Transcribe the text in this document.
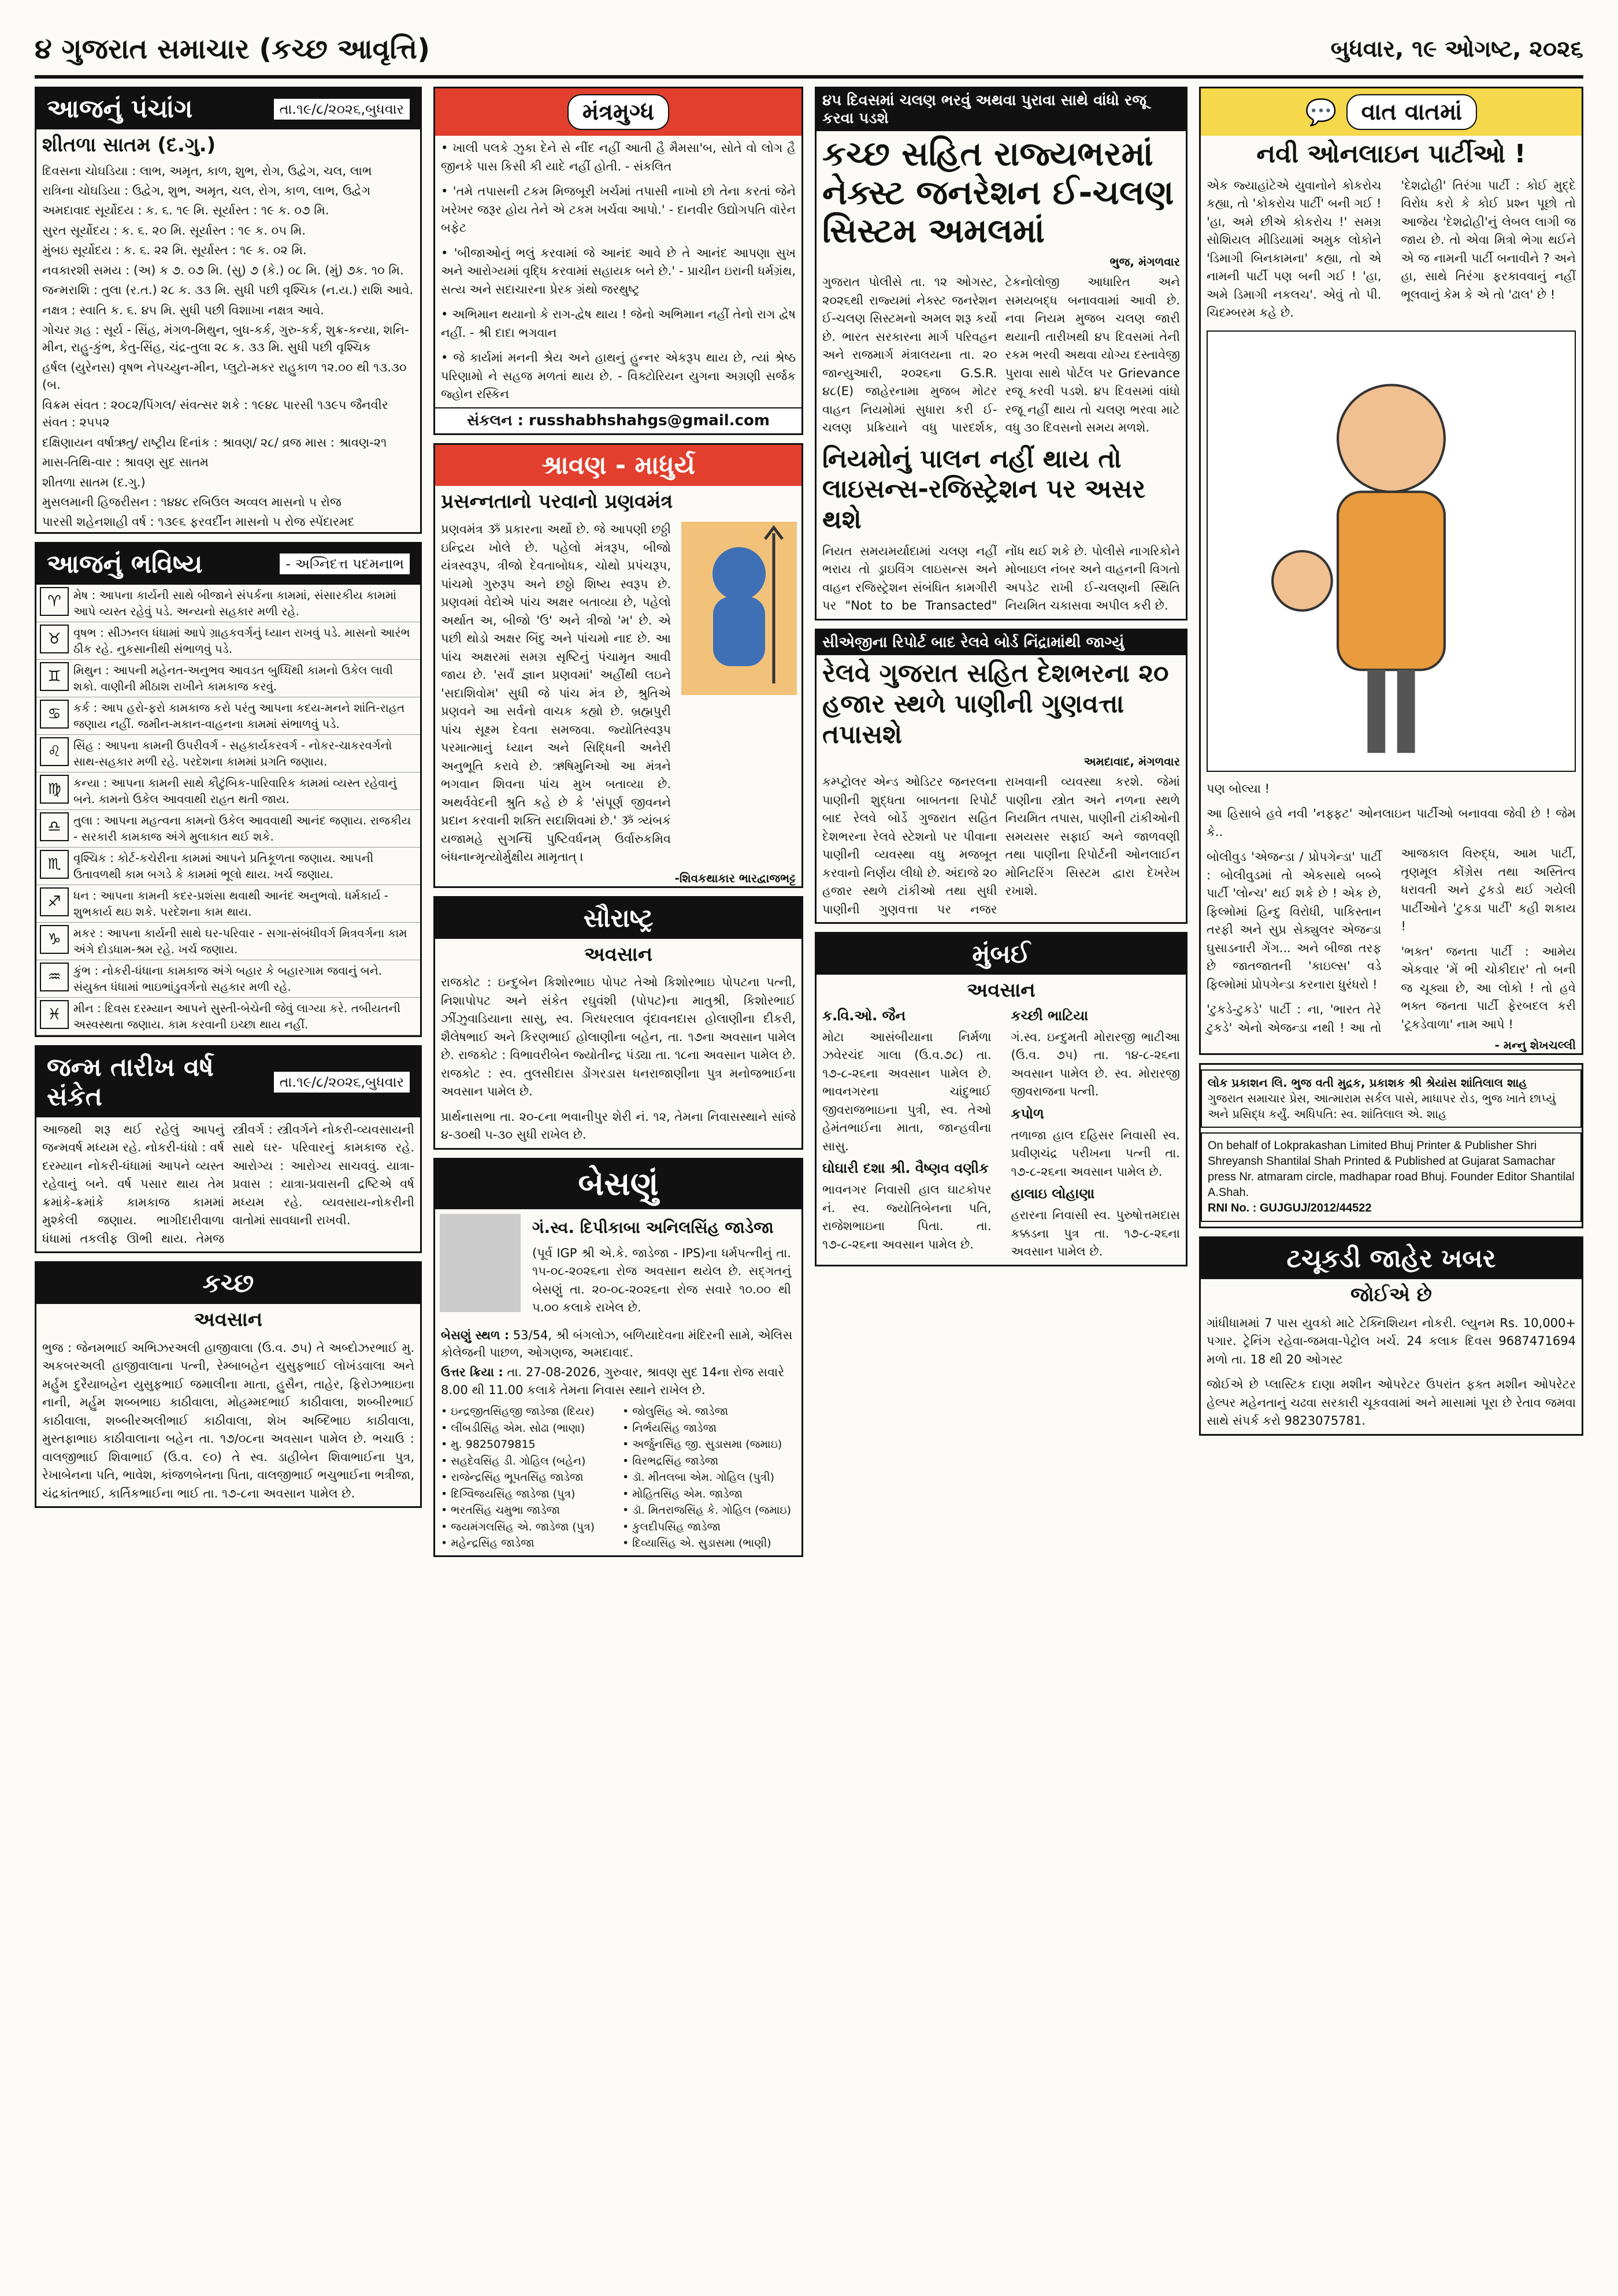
૪ ગુજરાત સમાચાર (કચ્છ આવૃત્તિ)	બુધવાર, ૧૯ ઓગષ્ટ, ૨૦૨૬
આજનું પંચાંગ	તા.૧૯/૮/૨૦૨૬,બુધવાર
શીતળા સાતમ (દ.ગુ.)
દિવસના ચોઘડિયા : લાભ, અમૃત, કાળ, શુભ, રોગ, ઉદ્વેગ, ચલ, લાભ
રાત્રિના ચોઘડિયા : ઉદ્વેગ, શુભ, અમૃત, ચલ, રોગ, કાળ, લાભ, ઉદ્વેગ
અમદાવાદ સૂર્યોદય : ક. ૬. ૧૯ મિ. સૂર્યાસ્ત : ૧૯ ક. ૦૭ મિ.
સુરત સૂર્યોદય : ક. ૬. ૨૦ મિ. સૂર્યાસ્ત : ૧૯ ક. ૦૫ મિ.
મુંબઇ સૂર્યોદય : ક. ૬. ૨૨ મિ. સૂર્યાસ્ત : ૧૯ ક. ૦૨ મિ.
નવકારશી સમય : (અ) ક ૭. ૦૭ મિ. (સુ) ૭ (કે.) ૦૮ મિ. (મું) ૭ક. ૧૦ મિ.
જન્મરાશિ : તુલા (ર.ત.) ૨૮ ક. ૩૩ મિ. સુધી પછી વૃશ્ચિક (ન.ય.) રાશિ આવે.
નક્ષત્ર : સ્વાતિ ક. ૬. ૪૫ મિ. સુધી પછી વિશાખા નક્ષત્ર આવે.
ગોચર ગ્રહ : સૂર્ય - સિંહ, મંગળ-મિથુન, બુધ-કર્ક, ગુરુ-કર્ક, શુક્ર-કન્યા, શનિ-મીન, રાહુ-કુંભ, કેતુ-સિંહ, ચંદ્ર-તુલા ૨૮ ક. ૩૩ મિ. સુધી પછી વૃશ્ચિક
હર્ષલ (યુરેનસ) વૃષભ નેપચ્યુન-મીન, પ્લુટો-મકર રાહુકાળ ૧૨.૦૦ થી ૧૩.૩૦ (બ.
વિક્રમ સંવત : ૨૦૮૨/પિંગલ/ સંવત્સર શકે : ૧૯૪૮ પારસી ૧૩૯૫ જૈનવીર સંવત : ૨૫૫૨
દક્ષિણાયન વર્ષાઋતુ/ રાષ્ટ્રીય દિનાંક : શ્રાવણ/ ૨૮/ વ્રજ માસ : શ્રાવણ-૨૧
માસ-તિથિ-વાર : શ્રાવણ સુદ સાતમ
શીતળા સાતમ (દ.ગુ.)
મુસલમાની હિજરીસન : ૧૪૪૮ રબિઉલ અવ્વલ માસનો ૫ રોજ
પારસી શહેનશાહી વર્ષ : ૧૩૯૬ ફરવર્દીન માસનો ૫ રોજ સ્પેંદારમદ
આજનું ભવિષ્ય	- અગ્નિદત્ત પદમનાભ
♈	મેષ : આપના કાર્યની સાથે બીજાને સંપર્કના કામમાં, સંસારકીય કામમાં આપે વ્યસ્ત રહેવું પડે. અન્યનો સહકાર મળી રહે.
♉	વૃષભ : સીઝનલ ધંધામાં આપે ગ્રાહકવર્ગનું ધ્યાન રાખવું પડે. માસનો આરંભ ઠીક રહે. નુકસાનીથી સંભાળવું પડે.
♊	મિથુન : આપની મહેનત-અનુભવ આવડત બુધ્ધિથી કામનો ઉકેલ લાવી શકો. વાણીની મીઠાશ રાખીને કામકાજ કરવું.
♋	કર્ક : આપ હરો-ફરો કામકાજ કરો પરંતુ આપના કદય-મનને શાંતિ-રાહત જણાય નહીં. જમીન-મકાન-વાહનના કામમાં સંભાળવું પડે.
♌	સિંહ : આપના કામની ઉપરીવર્ગ - સહકાર્યકરવર્ગ - નોકર-ચાકરવર્ગનો સાથ-સહકાર મળી રહે. પરદેશના કામમાં પ્રગતિ જણાય.
♍	કન્યા : આપના કામની સાથે કૌટુંબિક-પારિવારિક કામમાં વ્યસ્ત રહેવાનું બને. કામનો ઉકેલ આવવાથી રાહત થતી જાય.
♎	તુલા : આપના મહત્વના કામનો ઉકેલ આવવાથી આનંદ જણાય. રાજકીય - સરકારી કામકાજ અંગે મુલાકાત થઈ શકે.
♏	વૃશ્ચિક : કોર્ટ-કચેરીના કામમાં આપને પ્રતિકૂળતા જણાય. આપની ઉતાવળથી કામ બગડે કે કામમાં ભૂલો થાય. ખર્ચ જણાય.
♐	ધન : આપના કામની કદર-પ્રશંસા થવાથી આનંદ અનુભવો. ધર્મકાર્ય - શુભકાર્ય થઇ શકે. પરદેશના કામ થાય.
♑	મકર : આપના કાર્યની સાથે ઘર-પરિવાર - સગા-સંબંધીવર્ગ મિત્રવર્ગના કામ અંગે દોડધામ-શ્રમ રહે. ખર્ચ જણાય.
♒	કુંભ : નોકરી-ધંધાના કામકાજ અંગે બહાર કે બહારગામ જવાનું બને. સંયુક્ત ધંધામાં ભાઇભાંડુવર્ગનો સહકાર મળી રહે.
♓	મીન : દિવસ દરમ્યાન આપને સુસ્તી-બેચેની જેવું લાગ્યા કરે. તબીયતની અસ્વસ્થતા જણાય. કામ કરવાની ઇચ્છા થાય નહીં.
જન્મ તારીખ વર્ષ સંકેત	તા.૧૯/૮/૨૦૨૬,બુધવાર
આજથી શરૂ થઈ રહેલું આપનું જન્મવર્ષ મધ્યમ રહે. નોકરી-ધંધો : વર્ષ દરમ્યાન નોકરી-ધંધામાં આપને વ્યસ્ત રહેવાનું બને. વર્ષ પસાર થાય તેમ ક્રમાંકે-ક્રમાંકે કામકાજ કામમાં મુશ્કેલી જણાય. ભાગીદારીવાળા ધંધામાં તકલીફ ઊભી થાય. તેમજ સ્ત્રીવર્ગ : સ્ત્રીવર્ગને નોકરી-વ્યવસાયની સાથે ઘર- પરિવારનું કામકાજ રહે. આરોગ્ય : આરોગ્ય સાચવવું. યાત્રા-પ્રવાસ : યાત્રા-પ્રવાસની દ્રષ્ટિએ વર્ષ મધ્યમ રહે. વ્યવસાય-નોકરીની વાતોમાં સાવધાની રાખવી.
કચ્છ
અવસાન
ભુજ : જેનમભાઈ અભિઝરઅલી હાજીવાલા (ઉ.વ. ૭૫) તે અબ્દોઝરભાઈ મુ. અકબરઅલી હાજીવાલાના પત્ની, રેમ્બાબહેન યુસુફભાઈ લોખંડવાલા અને મર્હુમ દુરૈયાબહેન યુસુફભાઈ જમાલીના માતા, હુસૈન, તાહેર, ફિરોઝભાઇના નાની, મર્હુમ શબ્બભાઇ કાઠીવાલા, મોહમ્મદભાઈ કાઠીવાલા, શબ્બીરભાઈ કાઠીવાલા, શબ્બીરઅલીભાઈ કાઠીવાલા, શેખ અબ્દિભાઇ કાઠીવાલા, મુસ્તફાભાઇ કાઠીવાલાના બહેન તા. ૧૭/૦૮ના અવસાન પામેલ છે. ભચાઉ : વાલજીભાઈ શિવાભાઈ (ઉ.વ. ૯૦) તે સ્વ. ડાહીબેન શિવાભાઈના પુત્ર, રેખાબેનના પતિ, ભાવેશ, કાંજળબેનના પિતા, વાલજીભાઈ ભચુભાઈના ભત્રીજા, ચંદ્રકાંતભાઈ, કાર્તિકભાઈના ભાઈ તા. ૧૭-૮ના અવસાન પામેલ છે.
મંત્રમુગ્ધ
• ખાલી પલકે ઝુકા દેને સે નીંદ નહીં આતી હૈ મૈમસા'બ, સોતે વો લોગ હૈ જીનકે પાસ કિસી કી યાદે નહીં હોતી. - સંકલિત
• 'તમે તપાસની ટકમ મિજબૂરી ખર્ચમાં તપાસી નાખો છો તેના કરતાં જેને ખરેખર જરૂર હોય તેને એ ટકમ ખર્ચવા આપો.' - દાનવીર ઉદ્યોગપતિ વૉરેન બફેટ
• 'બીજાઓનું ભલું કરવામાં જે આનંદ આવે છે તે આનંદ આપણા સુખ અને આરોગ્યમાં વૃદ્ધિ કરવામાં સહાયક બને છે.' - પ્રાચીન ઇરાની ધર્મગ્રંથ, સત્ય અને સદાચારના પ્રેરક ગ્રંથો જરથુષ્ટ્ર
• અભિમાન થયાનો કે રાગ-દ્વેષ થાય ! જેનો અભિમાન નહીં તેનો રાગ દ્વેષ નહીં. - શ્રી દાદા ભગવાન
• જે કાર્યમાં મનની શ્રેય અને હાથનું હુન્નર એકરૂપ થાય છે, ત્યાં શ્રેષ્ઠ પરિણામો ને સહજ મળતાં થાય છે. - વિક્ટોરિયન યુગના અગ્રણી સર્જક જ્હોન રસ્કિન
સંકલન : russhabhshahgs@gmail.com
શ્રાવણ - માધુર્ય
પ્રસન્નતાનો પરવાનો પ્રણવમંત્ર
પ્રણવમંત્ર ૐ પ્રકારના અર્થો છે. જે આપણી છઠ્ઠી ઇન્દ્રિય ખોલે છે. પહેલો મંત્રરૂપ, બીજો યંત્રસ્વરૂપ, ત્રીજો દેવતાબોધક, ચોથો પ્રપંચરૂપ, પાંચમો ગુરુરૂપ અને છઠ્ઠો શિષ્ય સ્વરૂપ છે. પ્રણવમાં વેદોએ પાંચ અક્ષર બતાવ્યા છે, પહેલો અર્થાત અ, બીજો 'ઉ' અને ત્રીજો 'મ' છે. એ પછી થોડો અક્ષર બિંદુ અને પાંચમો નાદ છે. આ પાંચ અક્ષરમાં સમગ્ર સૃષ્ટિનું પંચામૃત આવી જાય છે. 'સર્વં જ્ઞાન પ્રણવમાં' અહીંથી લઇને 'સદાશિવોમ' સુધી જે પાંચ મંત્ર છે, શ્રુતિએ પ્રણવને આ સર્વનો વાચક કહ્યો છે. બ્રહ્મપુરી પાંચ સૂક્ષ્મ દેવતા સમજવા. જ્યોતિસ્વરૂપ પરમાત્માનું ધ્યાન અને સિદ્ધિની અનેરી અનુભૂતિ કરાવે છે. ઋષિમુનિઓ આ મંત્રને ભગવાન શિવના પાંચ મુખ બતાવ્યા છે. અથર્વવેદની શ્રુતિ કહે છે કે 'સંપૂર્ણ જીવનને પ્રદાન કરવાની શક્તિ સદાશિવમાં છે.' ૐ ત્ર્યંબકં યજામહે સુગન્ધિં પુષ્ટિવર્ધનમ્ ઉર્વારુકમિવ બંધનાન્મૃત્યોર્મુક્ષીય મામૃતાત્ ।
-શિવકથાકાર ભારદ્વાજભટ્ટ
સૌરાષ્ટ્ર
અવસાન
રાજકોટ : ઇન્દુબેન કિશોરભાઇ પોપટ તેઓ કિશોરભાઇ પોપટના પત્ની, નિશાપોપટ અને સંકેત રઘુવંશી (પોપટ)ના માતુશ્રી, કિશોરભાઈ ઝીંઝુવાડિયાના સાસુ, સ્વ. ગિરધરલાલ વૃંદાવનદાસ હોલાણીના દીકરી, શૈલેષભાઈ અને કિરણભાઈ હોલાણીના બહેન, તા. ૧૭ના અવસાન પામેલ છે. રાજકોટ : વિભાવરીબેન જ્યોતીન્દ્ર પંડ્યા તા. ૧૮ના અવસાન પામેલ છે. રાજકોટ : સ્વ. તુલસીદાસ ડોંગરડાસ ધનરાજાણીના પુત્ર મનોજભાઈના અવસાન પામેલ છે.
પ્રાર્થનાસભા તા. ૨૦-૮ના ભવાનીપુર શેરી નં. ૧૨, તેમના નિવાસસ્થાને સાંજે ૪-૩૦થી ૫-૩૦ સુધી રાખેલ છે.
બેસણું
ગં.સ્વ. દિપીકાબા અનિલસિંહ જાડેજા
(પૂર્વ IGP શ્રી એ.કે. જાડેજા - IPS)ના ધર્મપત્નીનું તા. ૧૫-૦૮-૨૦૨૬ના રોજ અવસાન થયેલ છે. સદ્ગતનું બેસણું તા. ૨૦-૦૮-૨૦૨૬ના રોજ સવારે ૧૦.૦૦ થી ૫.૦૦ કલાકે રાખેલ છે.
બેસણું સ્થળ : 53/54, શ્રી બંગલોઝ, બળિયાદેવના મંદિરની સામે, એલિસ કોલેજની પાછળ, ઓગણજ, અમદાવાદ.
ઉત્તર ક્રિયા : તા. 27-08-2026, ગુરુવાર, શ્રાવણ સુદ 14ના રોજ સવારે 8.00 થી 11.00 કલાકે તેમના નિવાસ સ્થાને રાખેલ છે.
• ઇન્દ્રજીતસિંહજી જાડેજા (દિયર)
• લીંબડીસિંહ એમ. સોઢા (ભાણા)
• મુ. 9825079815
• સહદેવસિંહ ડી. ગોહિલ (બહેન)
• રાજેન્દ્રસિંહ ભૂપતસિંહ જાડેજા
• દિગ્વિજયસિંહ જાડેજા (પુત્ર)
• ભરતસિંહ ચમુભા જાડેજા
• જયમંગલસિંહ એ. જાડેજા (પુત્ર)
• મહેન્દ્રસિંહ જાડેજા
• જોલુસિંહ એ. જાડેજા
• નિર્ભયસિંહ જાડેજા
• અર્જુનસિંહ જી. સુડાસમા (જમાઇ)
• વિરભદ્રસિંહ જાડેજા
• ડૉ. મીતલબા એમ. ગોહિલ (પુત્રી)
• મોહિતસિંહ એમ. જાડેજા
• ડૉ. મિતરાજસિંહ કે. ગોહિલ (જમાઇ)
• કુલદીપસિંહ જાડેજા
• દિવ્યાસિંહ એ. સુડાસમા (ભાણી)
૪૫ દિવસમાં ચલણ ભરવું અથવા પુરાવા સાથે વાંધો રજૂ કરવા પડશે
કચ્છ સહિત રાજ્યભરમાં નેક્સ્ટ જનરેશન ઈ-ચલણ સિસ્ટમ અમલમાં
ભુજ, મંગળવાર
ગુજરાત પોલીસે તા. ૧૨ ઓગસ્ટ, ૨૦૨૬થી રાજ્યમાં નેક્સ્ટ જનરેશન ઈ-ચલણ સિસ્ટમનો અમલ શરૂ કર્યો છે. ભારત સરકારના માર્ગ પરિવહન અને રાજમાર્ગ મંત્રાલયના તા. ૨૦ જાન્યુઆરી, ૨૦૨૬ના G.S.R. ૪૮(E) જાહેરનામા મુજબ મોટર વાહન નિયમોમાં સુધારા કરી ઈ-ચલણ પ્રક્રિયાને વધુ પારદર્શક, ટેકનોલોજી આધારિત અને સમયબદ્ધ બનાવવામાં આવી છે. નવા નિયમ મુજબ ચલણ જારી થયાની તારીખથી ૪૫ દિવસમાં તેની રકમ ભરવી અથવા યોગ્ય દસ્તાવેજી પુરાવા સાથે પોર્ટલ પર Grievance રજૂ કરવી પડશે. ૪૫ દિવસમાં વાંધો રજૂ નહીં થાય તો ચલણ ભરવા માટે વધુ ૩૦ દિવસનો સમય મળશે.
નિયમોનું પાલન નહીં થાય તો લાઇસન્સ-રજિસ્ટ્રેશન પર અસર થશે
નિયત સમયમર્યાદામાં ચલણ નહીં ભરાય તો ડ્રાઇવિંગ લાઇસન્સ અને વાહન રજિસ્ટ્રેશન સંબંધિત કામગીરી પર "Not to be Transacted" નોંધ થઈ શકે છે. પોલીસે નાગરિકોને મોબાઇલ નંબર અને વાહનની વિગતો અપડેટ રાખી ઈ-ચલણની સ્થિતિ નિયમિત ચકાસવા અપીલ કરી છે.
સીએજીના રિપોર્ટ બાદ રેલવે બોર્ડ નિંદ્રામાંથી જાગ્યું
રેલવે ગુજરાત સહિત દેશભરના ૨૦ હજાર સ્થળે પાણીની ગુણવત્તા તપાસશે
અમદાવાદ, મંગળવાર
કમ્પ્ટ્રોલર એન્ડ ઓડિટર જનરલના પાણીની શુદ્ધતા બાબતના રિપોર્ટ બાદ રેલવે બોર્ડે ગુજરાત સહિત દેશભરના રેલવે સ્ટેશનો પર પીવાના પાણીની વ્યવસ્થા વધુ મજબૂત કરવાનો નિર્ણય લીધો છે. અંદાજે ૨૦ હજાર સ્થળે ટાંકીઓ તથા સુધી પાણીની ગુણવત્તા પર નજર રાખવાની વ્યવસ્થા કરશે. જેમાં પાણીના સ્ત્રોત અને નળના સ્થળે નિયમિત તપાસ, પાણીની ટાંકીઓની સમયસર સફાઈ અને જાળવણી તથા પાણીના રિપોર્ટની ઓનલાઈન મોનિટરિંગ સિસ્ટમ દ્વારા દેખરેખ રખાશે.
મુંબઈ
અવસાન
ક.વિ.ઓ. જૈન
મોટા આસંબીયાના નિર્મળા ઝવેરચંદ ગાલા (ઉ.વ.૭૮) તા. ૧૭-૮-૨૬ના અવસાન પામેલ છે. ભાવનગરના ચાંદુભાઈ જીવરાજભાઇના પુત્રી, સ્વ. તેઓ હેમંતભાઈના માતા, જાન્હવીના સાસુ.
ઘોઘારી દશા શ્રી. વૈષ્ણવ વણીક
ભાવનગર નિવાસી હાલ ઘાટકોપર નં. સ્વ. જ્યોતિબેનના પતિ, રાજેશભાઇના પિતા. તા. ૧૭-૮-૨૬ના અવસાન પામેલ છે.
કચ્છી ભાટિયા
ગં.સ્વ. ઇન્દુમતી મોરારજી ભાટીઆ (ઉ.વ. ૭૫) તા. ૧૪-૮-૨૬ના અવસાન પામેલ છે. સ્વ. મોરારજી જીવરાજના પત્ની.
કપોળ
તળાજા હાલ દહિસર નિવાસી સ્વ. પ્રવીણચંદ્ર પરીખના પત્ની તા. ૧૭-૮-૨૬ના અવસાન પામેલ છે.
હાલાઇ લોહાણા
હરારના નિવાસી સ્વ. પુરુષોત્તમદાસ કક્કડના પુત્ર તા. ૧૭-૮-૨૬ના અવસાન પામેલ છે.
💬	વાત વાતમાં
નવી ઓનલાઇન પાર્ટીઓ !
એક જ્યાહાંટેએ યુવાનોને કોકરોચ કહ્યા, તો 'કોકરોચ પાર્ટી' બની ગઈ ! 'હા, અમે છીએ કોકરોચ !' સમગ્ર સોશિયલ મીડિયામાં અમુક લોકોને 'ડિમાગી બિનકામના' કહ્યા, તો એ નામની પાર્ટી પણ બની ગઈ ! 'હા, અમે ડિમાગી નકલચ'. એવું તો પી. ચિદમ્બરમ કહે છે.
'દેશદ્રોહી' તિરંગા પાર્ટી : કોઈ મુદ્દે વિરોધ કરો કે કોઈ પ્રશ્ન પૂછો તો આજેય 'દેશદ્રોહી'નું લેબલ લાગી જ જાય છે. તો એવા મિત્રો ભેગા થઈને એ જ નામની પાર્ટી બનાવીને ? અને હા, સાથે તિરંગા ફરકાવવાનું નહીં ભૂલવાનું કેમ કે એ તો 'ઢાલ' છે !
પણ બોલ્યા !
આ હિસાબે હવે નવી 'નફ્ફટ' ઓનલાઇન પાર્ટીઓ બનાવવા જેવી છે ! જેમ કે..
બોલીવુડ 'એજન્ડા / પ્રોપગેન્ડા' પાર્ટી : બોલીવુડમાં તો એકસાથે બબ્બે પાર્ટી 'લોન્ચ' થઈ શકે છે ! એક છે, ફિલ્મોમાં હિન્દુ વિરોધી, પાકિસ્તાન તરફી અને સુપ્ર સેક્યુલર એજન્ડા ઘુસાડનારી ગેંગ... અને બીજા તરફ છે જાતજાતની 'કાઇલ્સ' વડે ફિલ્મોમાં પ્રોપગેન્ડા કરનારા ધુરંધરો !
'ટુકડે-ટુકડે' પાર્ટી : ના, 'ભારત તેરે ટુકડે' એનો એજન્ડા નથી ! આ તો આજકાલ વિરુદ્ધ, આમ પાર્ટી, તૃણમૂલ કોંગ્રેસ તથા અસ્તિત્વ ધરાવતી અને ટુકડો થઈ ગયેલી પાર્ટીઓને 'ટુકડા પાર્ટી' કહી શકાય !
'ભક્ત' જનતા પાર્ટી : આમેય એકવાર 'મેં ભી ચોકીદાર' તો બની જ ચૂક્યા છે, આ લોકો ! તો હવે ભક્ત જનતા પાર્ટી ફેરબદલ કરી 'ટૂકડેવાળા' નામ આપે !
- મન્નુ શેખચલ્લી
લોક પ્રકાશન લિ. ભુજ વતી મુદ્રક, પ્રકાશક શ્રી શ્રેયાંસ શાંતિલાલ શાહ
ગુજરાત સમાચાર પ્રેસ, આત્મારામ સર્કલ પાસે, માધાપર રોડ, ભુજ ખાતે છાપ્યું અને પ્રસિદ્ધ કર્યું. અધિપતિ: સ્વ. શાંતિલાલ એ. શાહ
On behalf of Lokprakashan Limited Bhuj Printer & Publisher Shri Shreyansh Shantilal Shah Printed & Published at Gujarat Samachar press Nr. atmaram circle, madhapar road Bhuj. Founder Editor Shantilal A.Shah.
RNI No. : GUJGUJ/2012/44522
ટચૂકડી જાહેર ખબર
જોઈએ છે
ગાંધીધામમાં 7 પાસ યુવકો માટે ટેક્નિશિયન નોકરી. લ્યુનમ Rs. 10,000+ પગાર. ટ્રેનિંગ રહેવા-જમવા-પેટ્રોલ ખર્ચ. 24 કલાક દિવસ 9687471694 મળો તા. 18 થી 20 ઓગસ્ટ
જોઈએ છે પ્લાસ્ટિક દાણા મશીન ઓપરેટર ઉપરાંત ફક્ત મશીન ઓપરેટર હેલ્પર મહેનતાનું ચઢવા સરકારી ચૂકવવામાં અને માસામાં પૂરા છે રેતાવ જમવા સાથે સંપર્ક કરો 9823075781.
